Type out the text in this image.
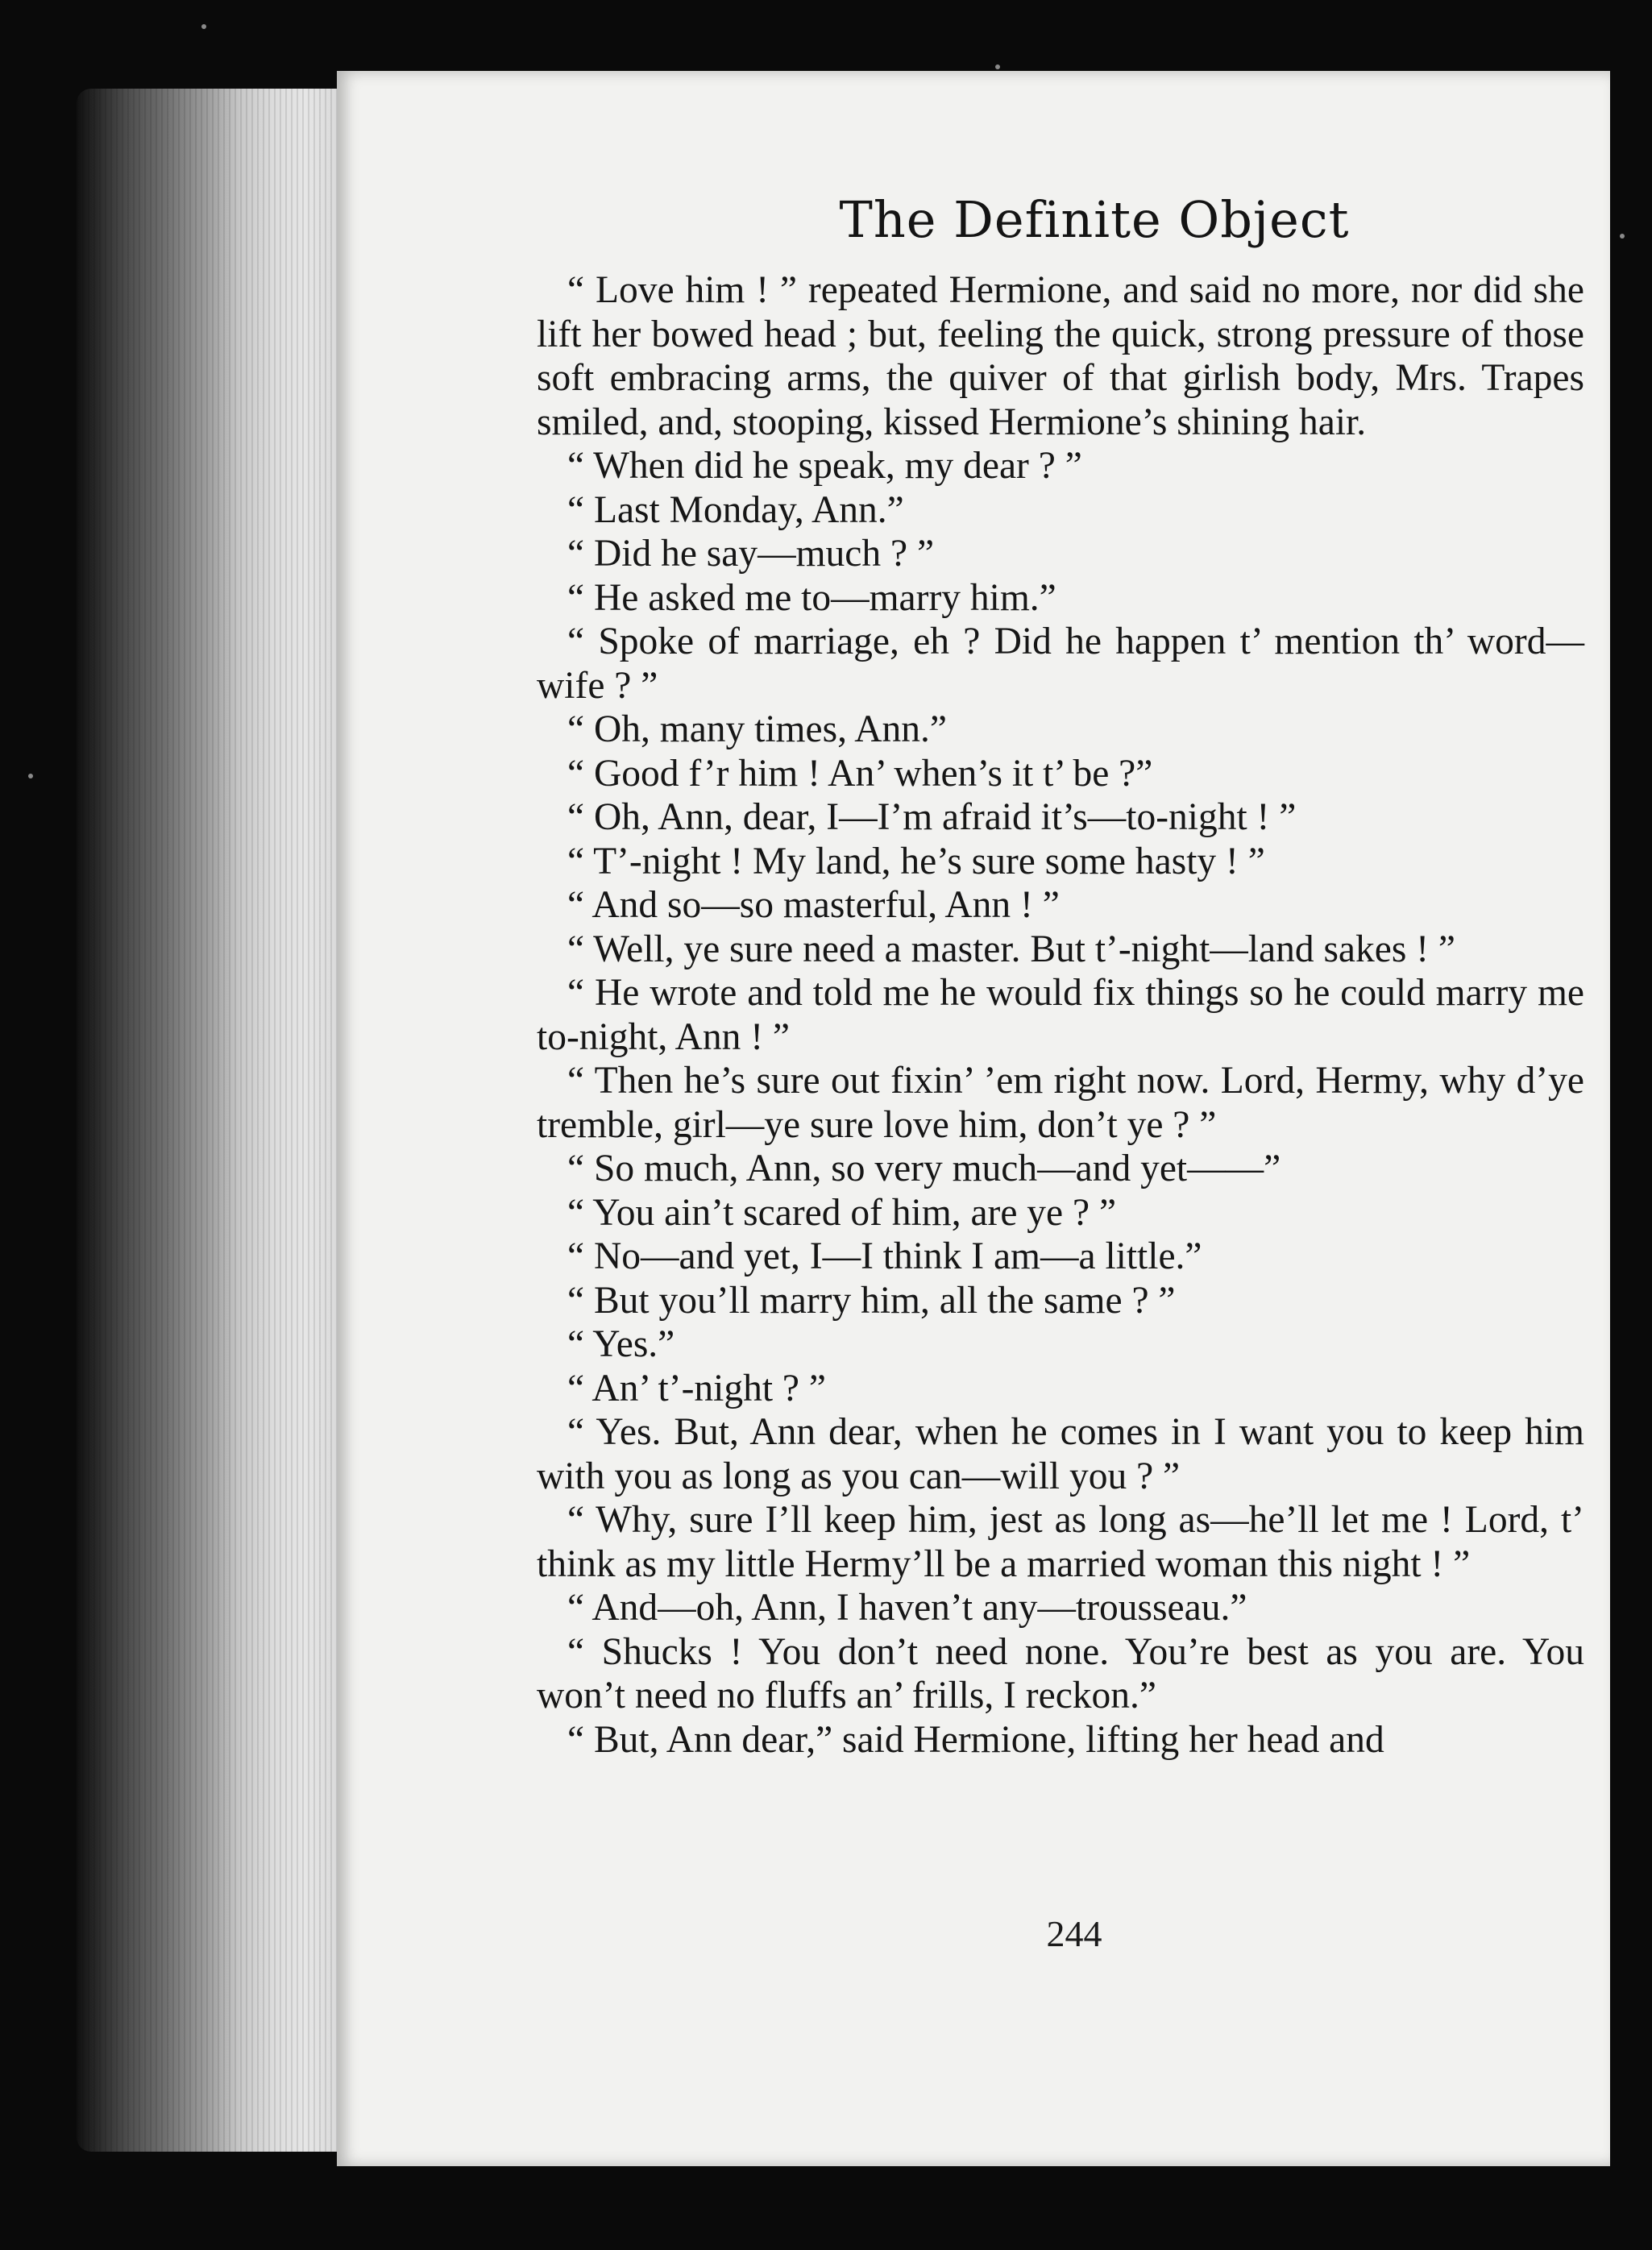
The Definite Object

“ Love him ! ” repeated Hermione, and said no more, nor did she lift her bowed head ; but, feeling the quick, strong pressure of those soft embracing arms, the quiver of that girlish body, Mrs. Trapes smiled, and, stooping, kissed Hermione’s shining hair.

“ When did he speak, my dear ? ”

“ Last Monday, Ann.”

“ Did he say—much ? ”

“ He asked me to—marry him.”

“ Spoke of marriage, eh ? Did he happen t’ mention th’ word—wife ? ”

“ Oh, many times, Ann.”

“ Good f’r him ! An’ when’s it t’ be ?”

“ Oh, Ann, dear, I—I’m afraid it’s—to-night ! ”

“ T’-night ! My land, he’s sure some hasty ! ”

“ And so—so masterful, Ann ! ”

“ Well, ye sure need a master. But t’-night—land sakes ! ”

“ He wrote and told me he would fix things so he could marry me to-night, Ann ! ”

“ Then he’s sure out fixin’ ’em right now. Lord, Hermy, why d’ye tremble, girl—ye sure love him, don’t ye ? ”

“ So much, Ann, so very much—and yet——”

“ You ain’t scared of him, are ye ? ”

“ No—and yet, I—I think I am—a little.”

“ But you’ll marry him, all the same ? ”

“ Yes.”

“ An’ t’-night ? ”

“ Yes. But, Ann dear, when he comes in I want you to keep him with you as long as you can—will you ? ”

“ Why, sure I’ll keep him, jest as long as—he’ll let me ! Lord, t’ think as my little Hermy’ll be a married woman this night ! ”

“ And—oh, Ann, I haven’t any—trousseau.”

“ Shucks ! You don’t need none. You’re best as you are. You won’t need no fluffs an’ frills, I reckon.”

“ But, Ann dear,” said Hermione, lifting her head and

244
